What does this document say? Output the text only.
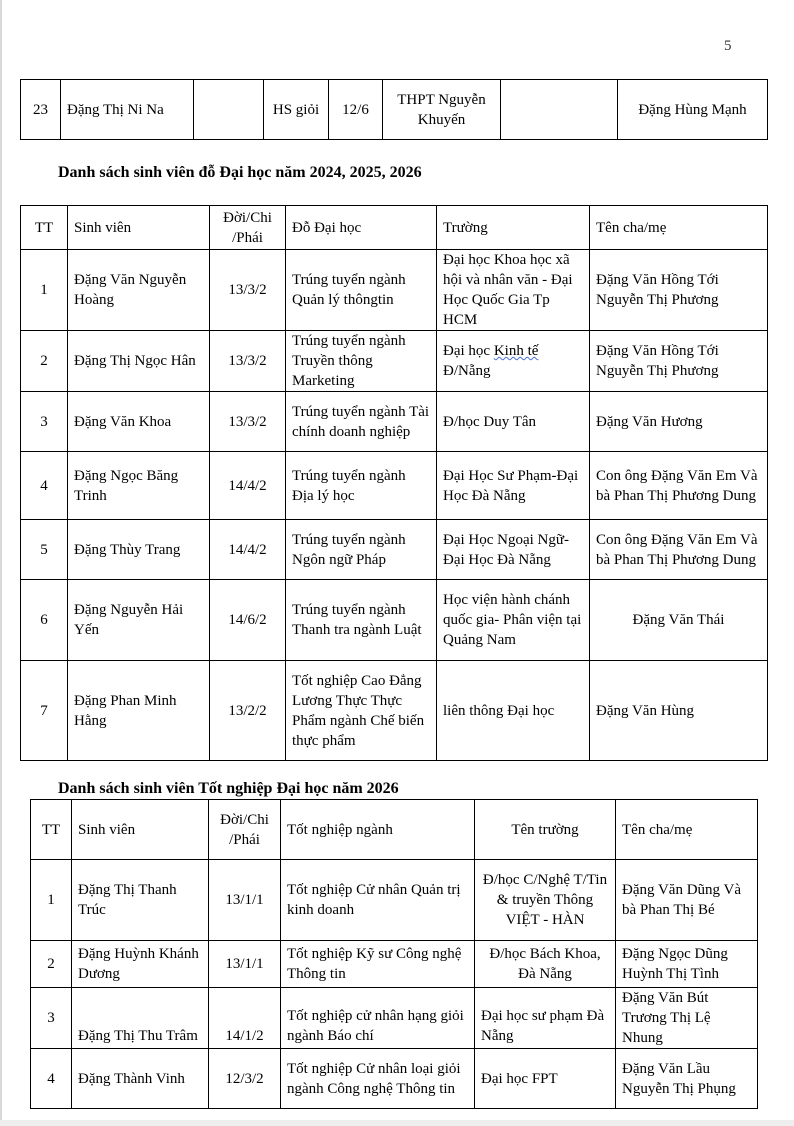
5
23	Đặng Thị Ni Na		HS giỏi	12/6	THPT Nguyễn Khuyến		Đặng Hùng Mạnh
Danh sách sinh viên đỗ Đại học năm 2024, 2025, 2026
TT	Sinh viên	Đời/Chi /Phái	Đỗ Đại học	Trường	Tên cha/mẹ
1	Đặng Văn Nguyễn Hoàng	13/3/2	Trúng tuyển ngành Quản lý thôngtin	Đại học Khoa học xã hội và nhân văn - Đại Học Quốc Gia Tp HCM	Đặng Văn Hồng Tới Nguyễn Thị Phương
2	Đặng Thị Ngọc Hân	13/3/2	Trúng tuyển ngành Truyền thông Marketing	Đại học Kinh tế Đ/Nẵng	Đặng Văn Hồng Tới Nguyễn Thị Phương
3	Đặng Văn Khoa	13/3/2	Trúng tuyển ngành Tài chính doanh nghiệp	Đ/học Duy Tân	Đặng Văn Hương
4	Đặng Ngọc Băng Trinh	14/4/2	Trúng tuyển ngành Địa lý học	Đại Học Sư Phạm-Đại Học Đà Nẵng	Con ông Đặng Văn Em Và bà Phan Thị Phương Dung
5	Đặng Thùy Trang	14/4/2	Trúng tuyển ngành Ngôn ngữ Pháp	Đại Học Ngoại Ngữ-Đại Học Đà Nẵng	Con ông Đặng Văn Em Và bà Phan Thị Phương Dung
6	Đặng Nguyễn Hải Yến	14/6/2	Trúng tuyển ngành Thanh tra ngành Luật	Học viện hành chánh quốc gia- Phân viện tại Quảng Nam	Đặng Văn Thái
7	Đặng Phan Minh Hằng	13/2/2	Tốt nghiệp Cao Đẳng Lương Thực Thực Phẩm ngành Chế biến thực phẩm	liên thông Đại học	Đặng Văn Hùng
Danh sách sinh viên Tốt nghiệp Đại học năm 2026
TT	Sinh viên	Đời/Chi /Phái	Tốt nghiệp ngành	Tên trường	Tên cha/mẹ
1	Đặng Thị Thanh Trúc	13/1/1	Tốt nghiệp Cử nhân Quản trị kinh doanh	Đ/học C/Nghệ T/Tin & truyền Thông VIỆT - HÀN	Đặng Văn Dũng Và bà Phan Thị Bé
2	Đặng Huỳnh Khánh Dương	13/1/1	Tốt nghiệp Kỹ sư Công nghệ Thông tin	Đ/học Bách Khoa, Đà Nẵng	Đặng Ngọc Dũng Huỳnh Thị Tình
3	Đặng Thị Thu Trâm	14/1/2	Tốt nghiệp cử nhân hạng giỏi ngành Báo chí	Đại học sư phạm Đà Nẵng	Đặng Văn Bút Trương Thị Lệ Nhung
4	Đặng Thành Vinh	12/3/2	Tốt nghiệp Cử nhân loại giỏi ngành Công nghệ Thông tin	Đại học FPT	Đặng Văn Lầu Nguyễn Thị Phụng
